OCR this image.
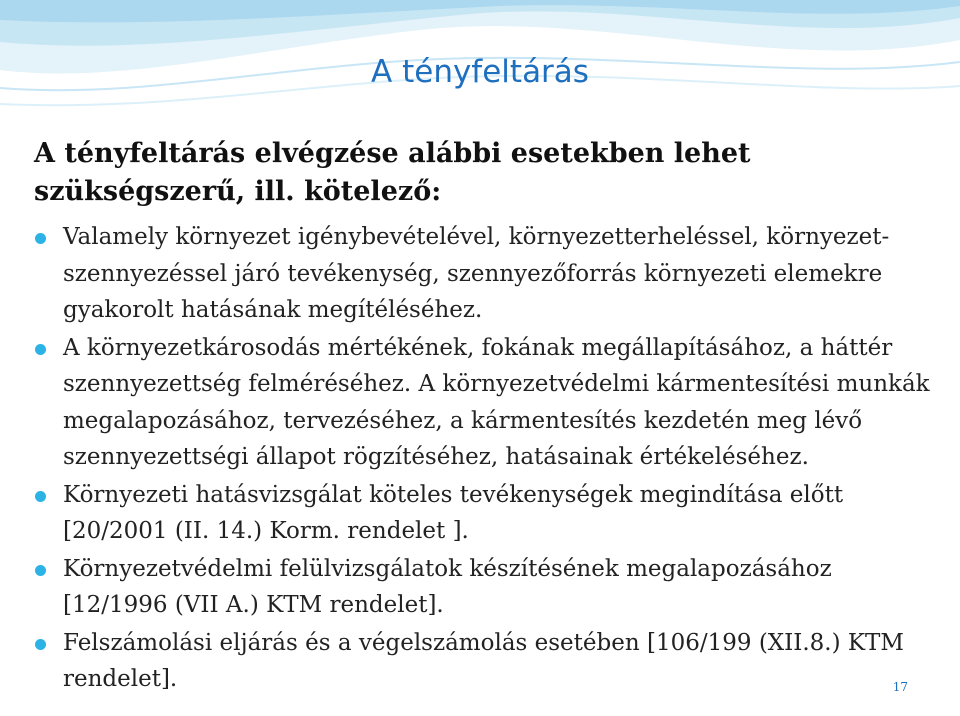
A tényfeltárás

A tényfeltárás elvégzése alábbi esetekben lehet szükségszerű, ill. kötelező:

Valamely környezet igénybevételével, környezetterheléssel, környezet-szennyezéssel járó tevékenység, szennyezőforrás környezeti elemekre gyakorolt hatásának megítéléséhez.
A környezetkárosodás mértékének, fokának megállapításához, a háttér szennyezettség felméréséhez. A környezetvédelmi kármentesítési munkák megalapozásához, tervezéséhez, a kármentesítés kezdetén meg lévő szennyezettségi állapot rögzítéséhez, hatásainak értékeléséhez.
Környezeti hatásvizsgálat köteles tevékenységek megindítása előtt [20/2001 (II. 14.) Korm. rendelet ].
Környezetvédelmi felülvizsgálatok készítésének megalapozásához [12/1996 (VII A.) KTM rendelet].
Felszámolási eljárás és a végelszámolás esetében [106/199 (XII.8.) KTM rendelet].	17
